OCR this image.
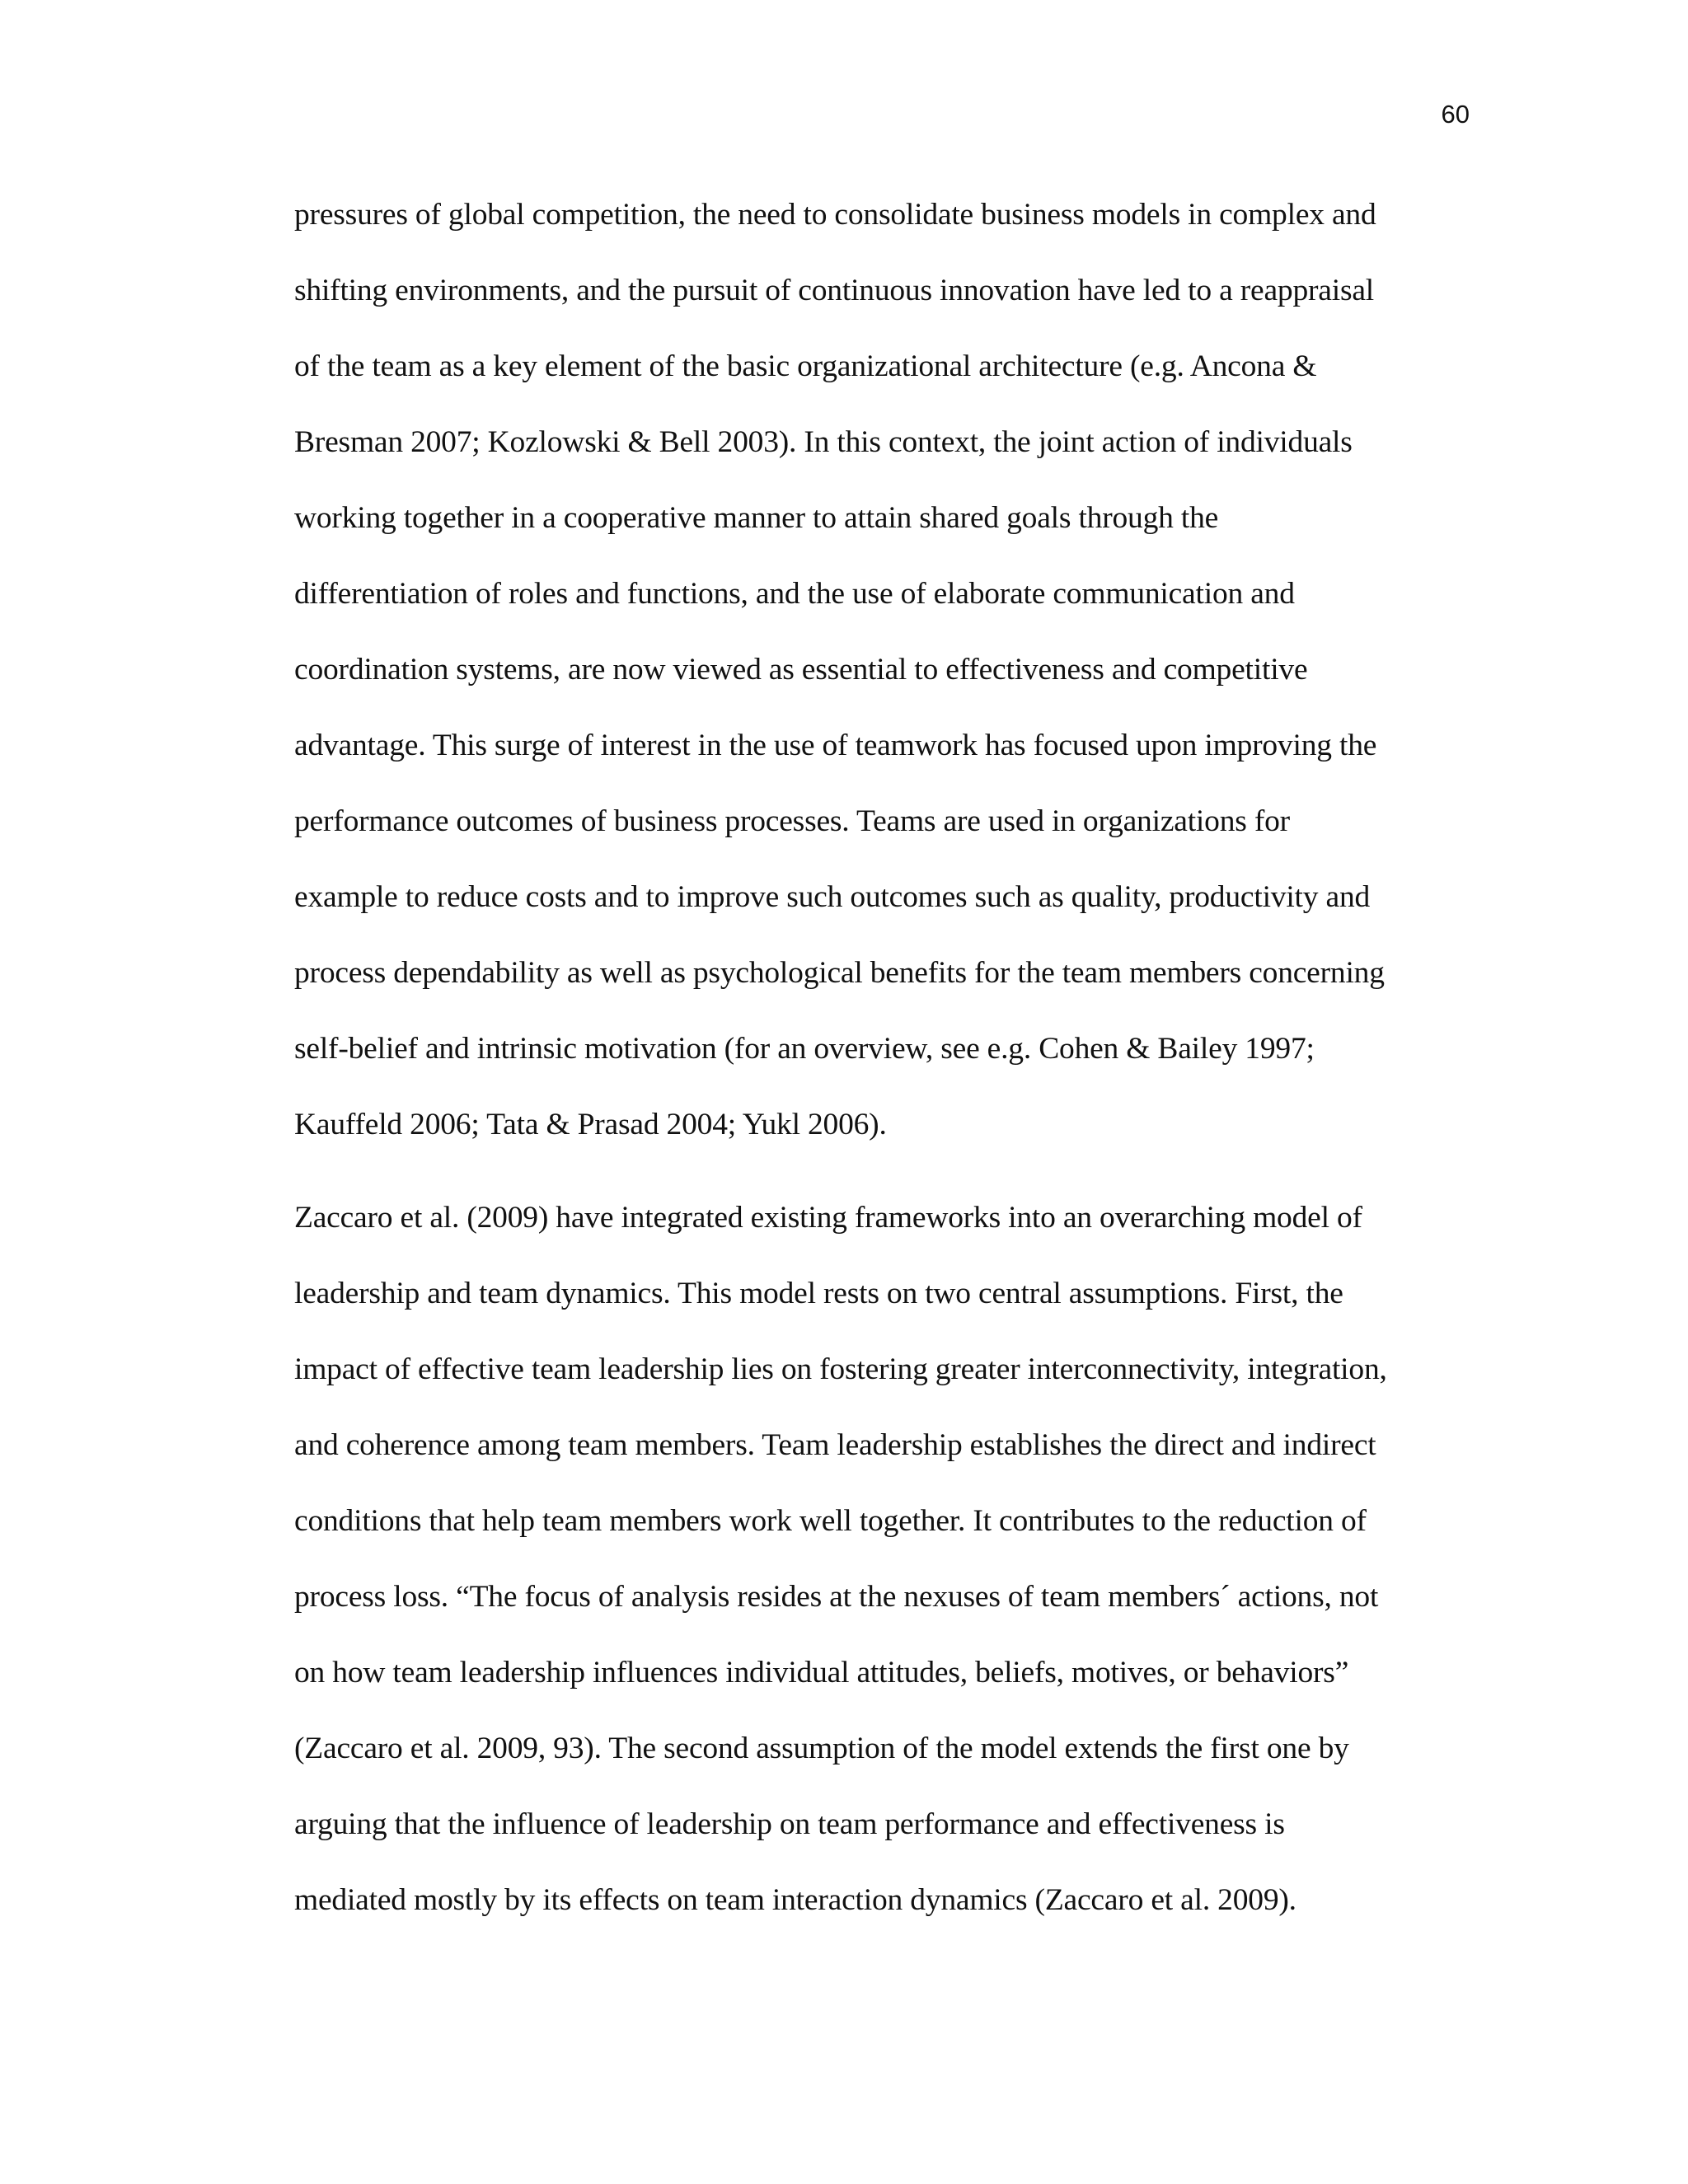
60

pressures of global competition, the need to consolidate business models in complex and
shifting environments, and the pursuit of continuous innovation have led to a reappraisal
of the team as a key element of the basic organizational architecture (e.g. Ancona &
Bresman 2007; Kozlowski & Bell 2003). In this context, the joint action of individuals
working together in a cooperative manner to attain shared goals through the
differentiation of roles and functions, and the use of elaborate communication and
coordination systems, are now viewed as essential to effectiveness and competitive
advantage. This surge of interest in the use of teamwork has focused upon improving the
performance outcomes of business processes. Teams are used in organizations for
example to reduce costs and to improve such outcomes such as quality, productivity and
process dependability as well as psychological benefits for the team members concerning
self-belief and intrinsic motivation (for an overview, see e.g. Cohen & Bailey 1997;
Kauffeld 2006; Tata & Prasad 2004; Yukl 2006).

Zaccaro et al. (2009) have integrated existing frameworks into an overarching model of
leadership and team dynamics. This model rests on two central assumptions. First, the
impact of effective team leadership lies on fostering greater interconnectivity, integration,
and coherence among team members. Team leadership establishes the direct and indirect
conditions that help team members work well together. It contributes to the reduction of
process loss. “The focus of analysis resides at the nexuses of team members´ actions, not
on how team leadership influences individual attitudes, beliefs, motives, or behaviors”
(Zaccaro et al. 2009, 93). The second assumption of the model extends the first one by
arguing that the influence of leadership on team performance and effectiveness is
mediated mostly by its effects on team interaction dynamics (Zaccaro et al. 2009).
